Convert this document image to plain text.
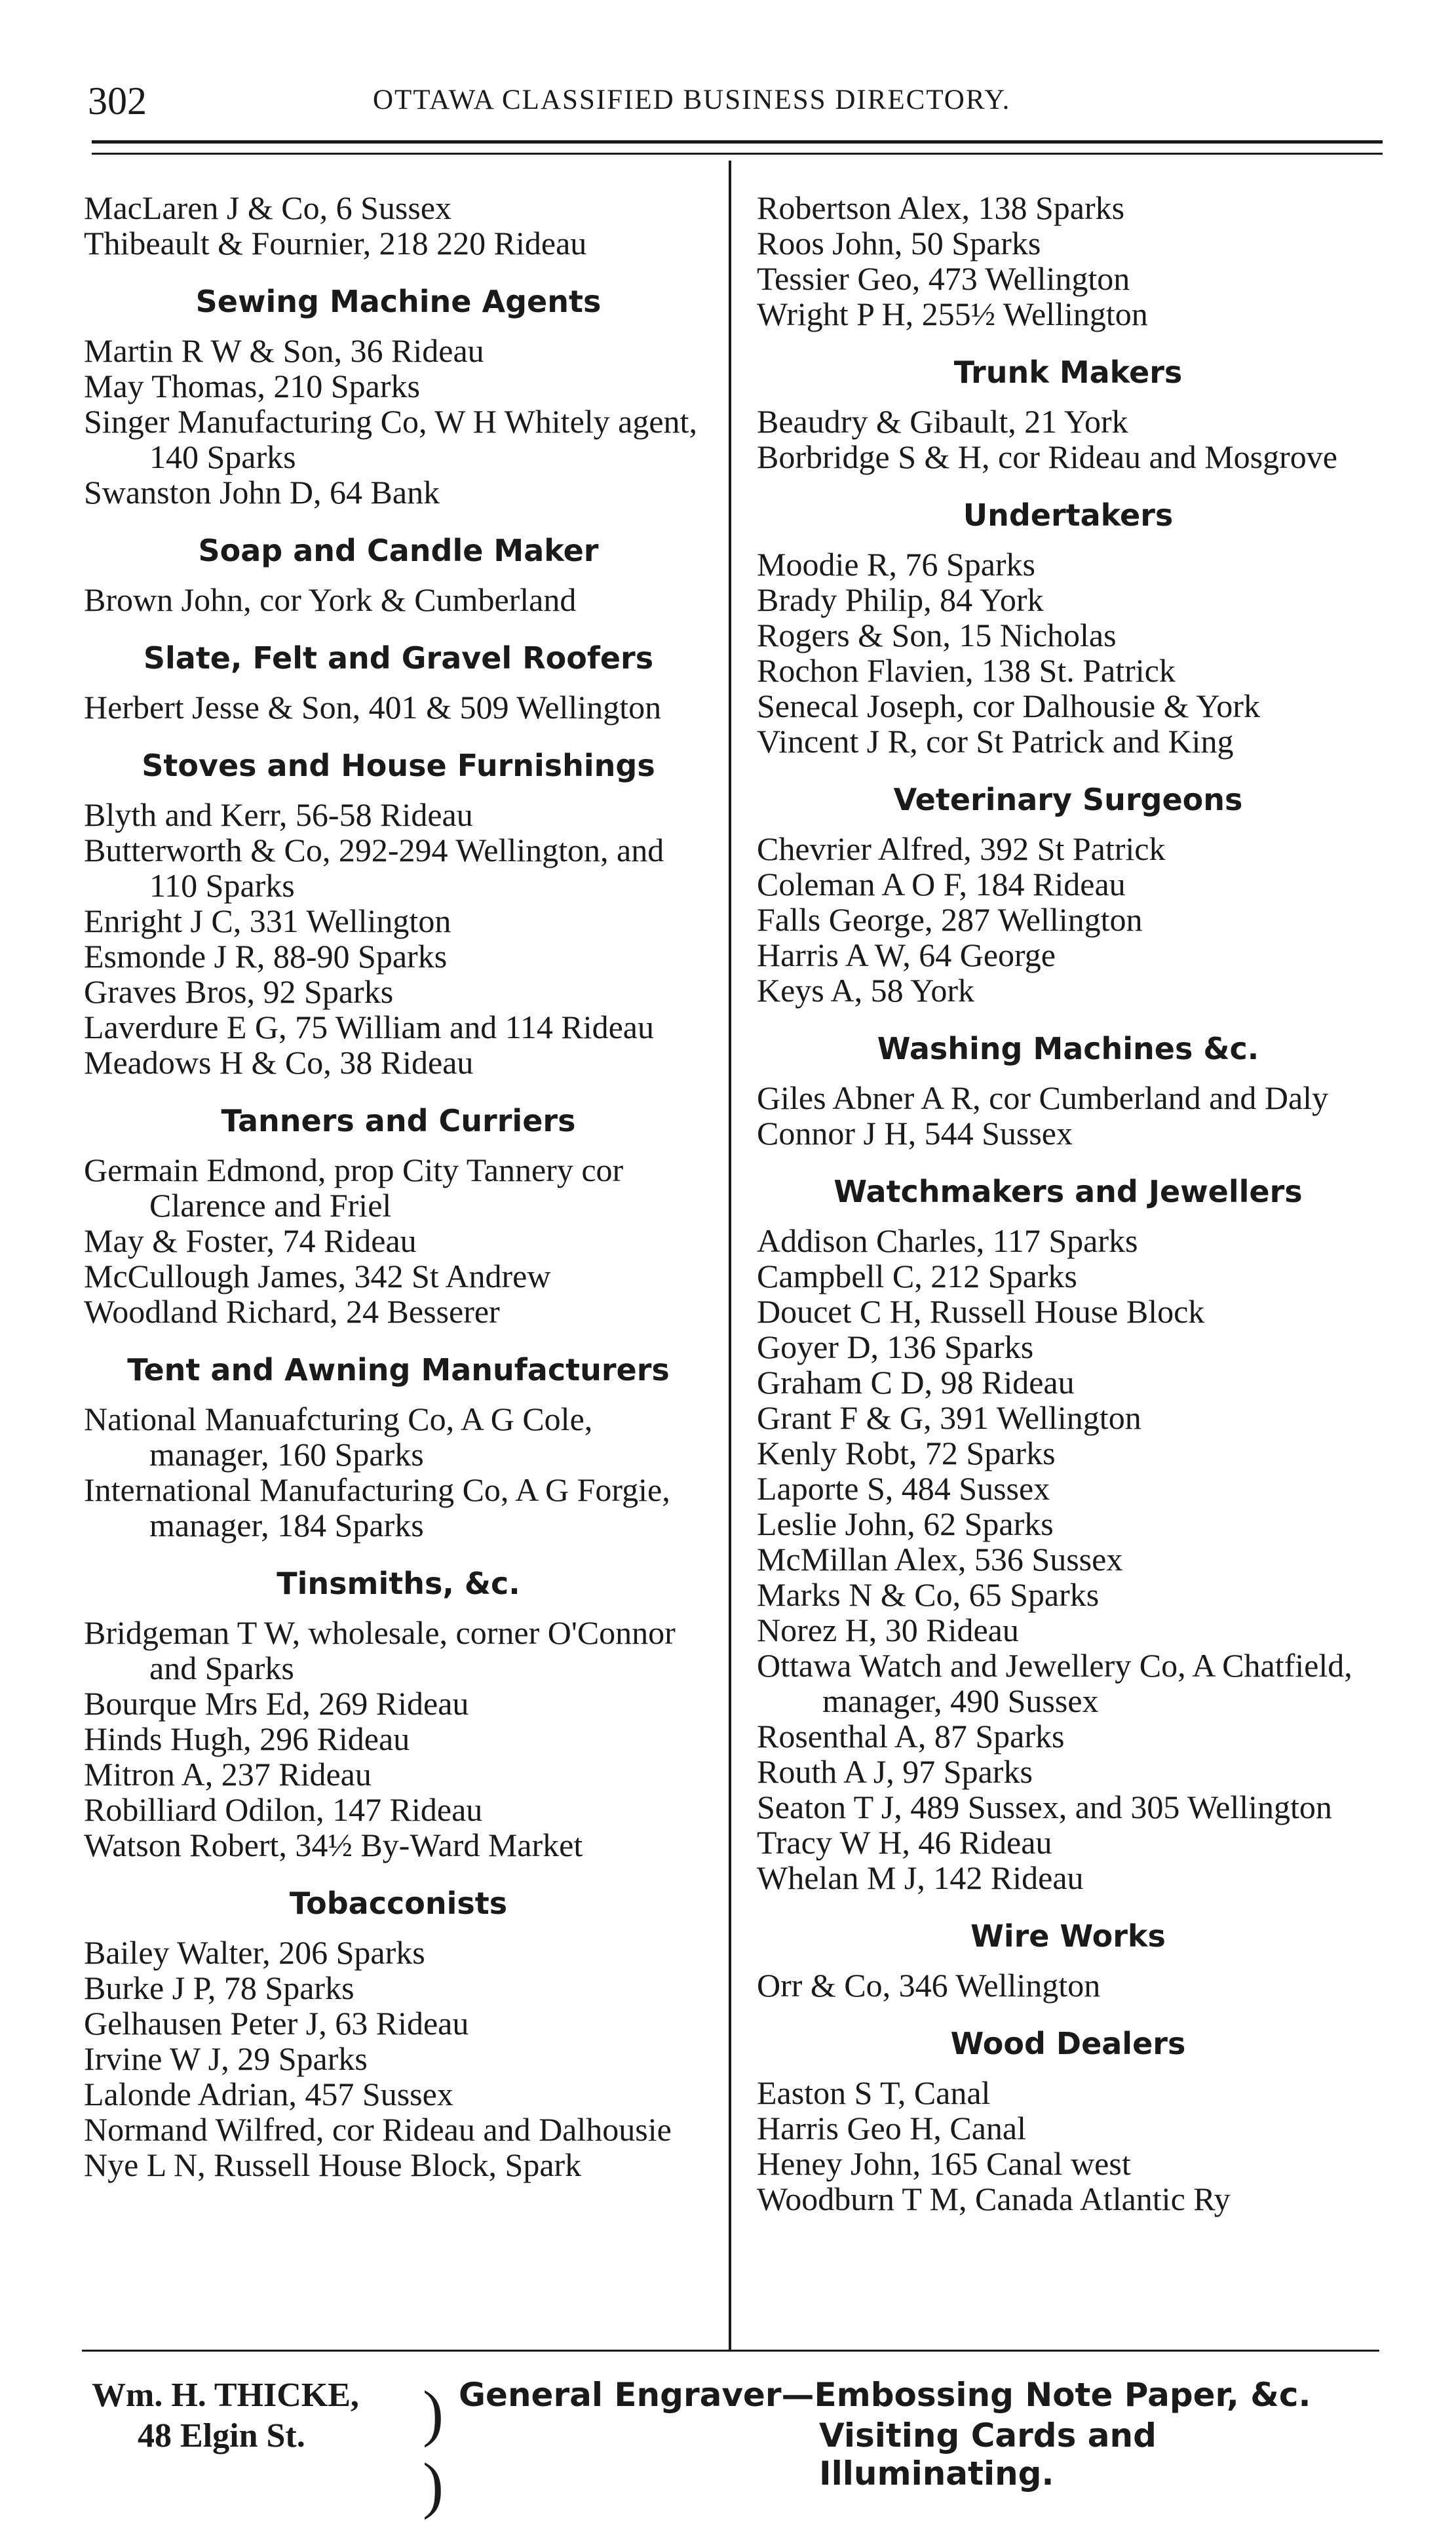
302	OTTAWA CLASSIFIED BUSINESS DIRECTORY.
MacLaren J & Co, 6 Sussex
Thibeault & Fournier, 218 220 Rideau
Sewing Machine Agents
Martin R W & Son, 36 Rideau
May Thomas, 210 Sparks
Singer Manufacturing Co, W H Whitely agent, 140 Sparks
Swanston John D, 64 Bank
Soap and Candle Maker
Brown John, cor York & Cumberland
Slate, Felt and Gravel Roofers
Herbert Jesse & Son, 401 & 509 Wellington
Stoves and House Furnishings
Blyth and Kerr, 56-58 Rideau
Butterworth & Co, 292-294 Wellington, and 110 Sparks
Enright J C, 331 Wellington
Esmonde J R, 88-90 Sparks
Graves Bros, 92 Sparks
Laverdure E G, 75 William and 114 Rideau
Meadows H & Co, 38 Rideau
Tanners and Curriers
Germain Edmond, prop City Tannery cor Clarence and Friel
May & Foster, 74 Rideau
McCullough James, 342 St Andrew
Woodland Richard, 24 Besserer
Tent and Awning Manufacturers
National Manuafcturing Co, A G Cole, manager, 160 Sparks
International Manufacturing Co, A G Forgie, manager, 184 Sparks
Tinsmiths, &c.
Bridgeman T W, wholesale, corner O'Connor and Sparks
Bourque Mrs Ed, 269 Rideau
Hinds Hugh, 296 Rideau
Mitron A, 237 Rideau
Robilliard Odilon, 147 Rideau
Watson Robert, 34½ By-Ward Market
Tobacconists
Bailey Walter, 206 Sparks
Burke J P, 78 Sparks
Gelhausen Peter J, 63 Rideau
Irvine W J, 29 Sparks
Lalonde Adrian, 457 Sussex
Normand Wilfred, cor Rideau and Dalhousie
Nye L N, Russell House Block, Spark
Robertson Alex, 138 Sparks
Roos John, 50 Sparks
Tessier Geo, 473 Wellington
Wright P H, 255½ Wellington
Trunk Makers
Beaudry & Gibault, 21 York
Borbridge S & H, cor Rideau and Mosgrove
Undertakers
Moodie R, 76 Sparks
Brady Philip, 84 York
Rogers & Son, 15 Nicholas
Rochon Flavien, 138 St. Patrick
Senecal Joseph, cor Dalhousie & York
Vincent J R, cor St Patrick and King
Veterinary Surgeons
Chevrier Alfred, 392 St Patrick
Coleman A O F, 184 Rideau
Falls George, 287 Wellington
Harris A W, 64 George
Keys A, 58 York
Washing Machines &c.
Giles Abner A R, cor Cumberland and Daly
Connor J H, 544 Sussex
Watchmakers and Jewellers
Addison Charles, 117 Sparks
Campbell C, 212 Sparks
Doucet C H, Russell House Block
Goyer D, 136 Sparks
Graham C D, 98 Rideau
Grant F & G, 391 Wellington
Kenly Robt, 72 Sparks
Laporte S, 484 Sussex
Leslie John, 62 Sparks
McMillan Alex, 536 Sussex
Marks N & Co, 65 Sparks
Norez H, 30 Rideau
Ottawa Watch and Jewellery Co, A Chatfield, manager, 490 Sussex
Rosenthal A, 87 Sparks
Routh A J, 97 Sparks
Seaton T J, 489 Sussex, and 305 Wellington
Tracy W H, 46 Rideau
Whelan M J, 142 Rideau
Wire Works
Orr & Co, 346 Wellington
Wood Dealers
Easton S T, Canal
Harris Geo H, Canal
Heney John, 165 Canal west
Woodburn T M, Canada Atlantic Ry
Wm. H. THICKE,
48 Elgin St. )
)
General Engraver—Embossing Note Paper, &c.
Visiting Cards and Illuminating.
